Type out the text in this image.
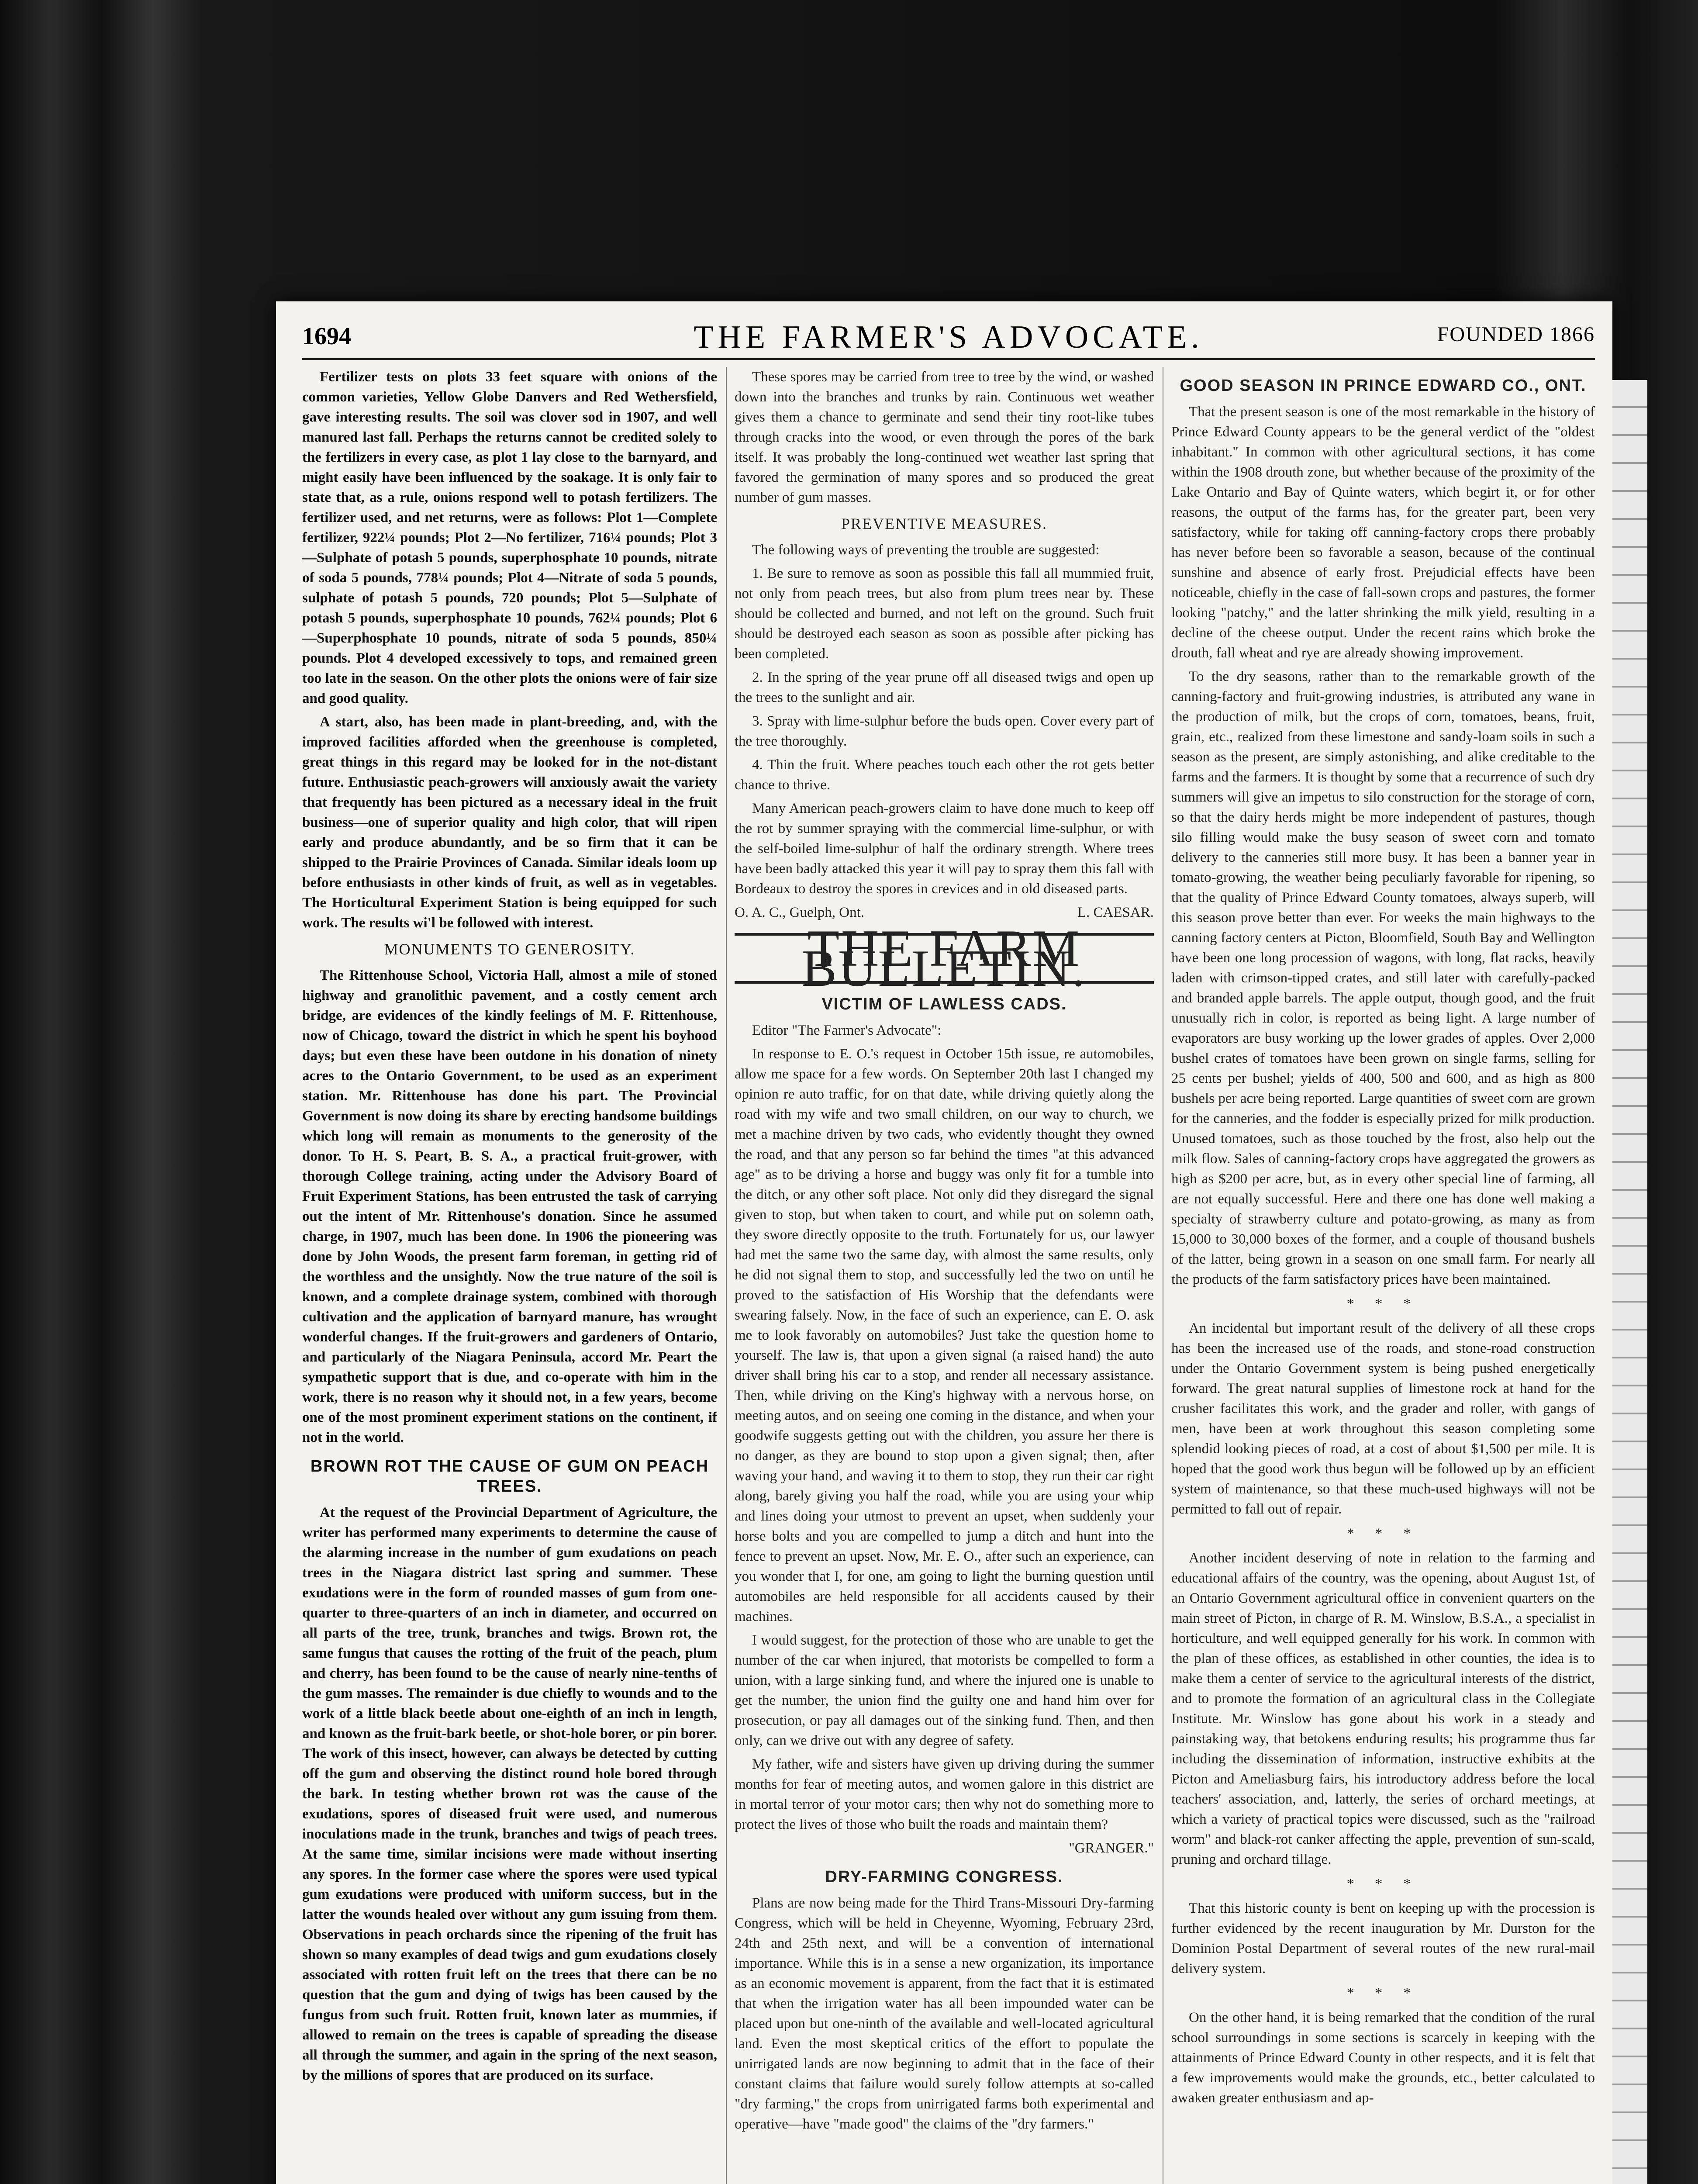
1694	THE FARMER'S ADVOCATE.	FOUNDED 1866

Fertilizer tests on plots 33 feet square with onions of the common varieties, Yellow Globe Danvers and Red Wethersfield, gave interesting results. The soil was clover sod in 1907, and well manured last fall. Perhaps the returns cannot be credited solely to the fertilizers in every case, as plot 1 lay close to the barnyard, and might easily have been influenced by the soakage. It is only fair to state that, as a rule, onions respond well to potash fertilizers. The fertilizer used, and net returns, were as follows: Plot 1—Complete fertilizer, 922¼ pounds; Plot 2—No fertilizer, 716¼ pounds; Plot 3—Sulphate of potash 5 pounds, superphosphate 10 pounds, nitrate of soda 5 pounds, 778¼ pounds; Plot 4—Nitrate of soda 5 pounds, sulphate of potash 5 pounds, 720 pounds; Plot 5—Sulphate of potash 5 pounds, superphosphate 10 pounds, 762¼ pounds; Plot 6—Superphosphate 10 pounds, nitrate of soda 5 pounds, 850¼ pounds. Plot 4 developed excessively to tops, and remained green too late in the season. On the other plots the onions were of fair size and good quality.

A start, also, has been made in plant-breeding, and, with the improved facilities afforded when the greenhouse is completed, great things in this regard may be looked for in the not-distant future. Enthusiastic peach-growers will anxiously await the variety that frequently has been pictured as a necessary ideal in the fruit business—one of superior quality and high color, that will ripen early and produce abundantly, and be so firm that it can be shipped to the Prairie Provinces of Canada. Similar ideals loom up before enthusiasts in other kinds of fruit, as well as in vegetables. The Horticultural Experiment Station is being equipped for such work. The results wi'l be followed with interest.

MONUMENTS TO GENEROSITY.

The Rittenhouse School, Victoria Hall, almost a mile of stoned highway and granolithic pavement, and a costly cement arch bridge, are evidences of the kindly feelings of M. F. Rittenhouse, now of Chicago, toward the district in which he spent his boyhood days; but even these have been outdone in his donation of ninety acres to the Ontario Government, to be used as an experiment station. Mr. Rittenhouse has done his part. The Provincial Government is now doing its share by erecting handsome buildings which long will remain as monuments to the generosity of the donor. To H. S. Peart, B. S. A., a practical fruit-grower, with thorough College training, acting under the Advisory Board of Fruit Experiment Stations, has been entrusted the task of carrying out the intent of Mr. Rittenhouse's donation. Since he assumed charge, in 1907, much has been done. In 1906 the pioneering was done by John Woods, the present farm foreman, in getting rid of the worthless and the unsightly. Now the true nature of the soil is known, and a complete drainage system, combined with thorough cultivation and the application of barnyard manure, has wrought wonderful changes. If the fruit-growers and gardeners of Ontario, and particularly of the Niagara Peninsula, accord Mr. Peart the sympathetic support that is due, and co-operate with him in the work, there is no reason why it should not, in a few years, become one of the most prominent experiment stations on the continent, if not in the world.

BROWN ROT THE CAUSE OF GUM ON PEACH TREES.

At the request of the Provincial Department of Agriculture, the writer has performed many experiments to determine the cause of the alarming increase in the number of gum exudations on peach trees in the Niagara district last spring and summer. These exudations were in the form of rounded masses of gum from one-quarter to three-quarters of an inch in diameter, and occurred on all parts of the tree, trunk, branches and twigs. Brown rot, the same fungus that causes the rotting of the fruit of the peach, plum and cherry, has been found to be the cause of nearly nine-tenths of the gum masses. The remainder is due chiefly to wounds and to the work of a little black beetle about one-eighth of an inch in length, and known as the fruit-bark beetle, or shot-hole borer, or pin borer. The work of this insect, however, can always be detected by cutting off the gum and observing the distinct round hole bored through the bark. In testing whether brown rot was the cause of the exudations, spores of diseased fruit were used, and numerous inoculations made in the trunk, branches and twigs of peach trees. At the same time, similar incisions were made without inserting any spores. In the former case where the spores were used typical gum exudations were produced with uniform success, but in the latter the wounds healed over without any gum issuing from them. Observations in peach orchards since the ripening of the fruit has shown so many examples of dead twigs and gum exudations closely associated with rotten fruit left on the trees that there can be no question that the gum and dying of twigs has been caused by the fungus from such fruit. Rotten fruit, known later as mummies, if allowed to remain on the trees is capable of spreading the disease all through the summer, and again in the spring of the next season, by the millions of spores that are produced on its surface.

These spores may be carried from tree to tree by the wind, or washed down into the branches and trunks by rain. Continuous wet weather gives them a chance to germinate and send their tiny root-like tubes through cracks into the wood, or even through the pores of the bark itself. It was probably the long-continued wet weather last spring that favored the germination of many spores and so produced the great number of gum masses.

PREVENTIVE MEASURES.

The following ways of preventing the trouble are suggested:

1. Be sure to remove as soon as possible this fall all mummied fruit, not only from peach trees, but also from plum trees near by. These should be collected and burned, and not left on the ground. Such fruit should be destroyed each season as soon as possible after picking has been completed.

2. In the spring of the year prune off all diseased twigs and open up the trees to the sunlight and air.

3. Spray with lime-sulphur before the buds open. Cover every part of the tree thoroughly.

4. Thin the fruit. Where peaches touch each other the rot gets better chance to thrive.

Many American peach-growers claim to have done much to keep off the rot by summer spraying with the commercial lime-sulphur, or with the self-boiled lime-sulphur of half the ordinary strength. Where trees have been badly attacked this year it will pay to spray them this fall with Bordeaux to destroy the spores in crevices and in old diseased parts.

O. A. C., Guelph, Ont.	L. CAESAR.
THE FARM BULLETIN.
VICTIM OF LAWLESS CADS.

Editor "The Farmer's Advocate":

In response to E. O.'s request in October 15th issue, re automobiles, allow me space for a few words. On September 20th last I changed my opinion re auto traffic, for on that date, while driving quietly along the road with my wife and two small children, on our way to church, we met a machine driven by two cads, who evidently thought they owned the road, and that any person so far behind the times "at this advanced age" as to be driving a horse and buggy was only fit for a tumble into the ditch, or any other soft place. Not only did they disregard the signal given to stop, but when taken to court, and while put on solemn oath, they swore directly opposite to the truth. Fortunately for us, our lawyer had met the same two the same day, with almost the same results, only he did not signal them to stop, and successfully led the two on until he proved to the satisfaction of His Worship that the defendants were swearing falsely. Now, in the face of such an experience, can E. O. ask me to look favorably on automobiles? Just take the question home to yourself. The law is, that upon a given signal (a raised hand) the auto driver shall bring his car to a stop, and render all necessary assistance. Then, while driving on the King's highway with a nervous horse, on meeting autos, and on seeing one coming in the distance, and when your goodwife suggests getting out with the children, you assure her there is no danger, as they are bound to stop upon a given signal; then, after waving your hand, and waving it to them to stop, they run their car right along, barely giving you half the road, while you are using your whip and lines doing your utmost to prevent an upset, when suddenly your horse bolts and you are compelled to jump a ditch and hunt into the fence to prevent an upset. Now, Mr. E. O., after such an experience, can you wonder that I, for one, am going to light the burning question until automobiles are held responsible for all accidents caused by their machines.

I would suggest, for the protection of those who are unable to get the number of the car when injured, that motorists be compelled to form a union, with a large sinking fund, and where the injured one is unable to get the number, the union find the guilty one and hand him over for prosecution, or pay all damages out of the sinking fund. Then, and then only, can we drive out with any degree of safety.

My father, wife and sisters have given up driving during the summer months for fear of meeting autos, and women galore in this district are in mortal terror of your motor cars; then why not do something more to protect the lives of those who built the roads and maintain them?

"GRANGER."
DRY-FARMING CONGRESS.

Plans are now being made for the Third Trans-Missouri Dry-farming Congress, which will be held in Cheyenne, Wyoming, February 23rd, 24th and 25th next, and will be a convention of international importance. While this is in a sense a new organization, its importance as an economic movement is apparent, from the fact that it is estimated that when the irrigation water has all been impounded water can be placed upon but one-ninth of the available and well-located agricultural land. Even the most skeptical critics of the effort to populate the unirrigated lands are now beginning to admit that in the face of their constant claims that failure would surely follow attempts at so-called "dry farming," the crops from unirrigated farms both experimental and operative—have "made good" the claims of the "dry farmers."

GOOD SEASON IN PRINCE EDWARD CO., ONT.

That the present season is one of the most remarkable in the history of Prince Edward County appears to be the general verdict of the "oldest inhabitant." In common with other agricultural sections, it has come within the 1908 drouth zone, but whether because of the proximity of the Lake Ontario and Bay of Quinte waters, which begirt it, or for other reasons, the output of the farms has, for the greater part, been very satisfactory, while for taking off canning-factory crops there probably has never before been so favorable a season, because of the continual sunshine and absence of early frost. Prejudicial effects have been noticeable, chiefly in the case of fall-sown crops and pastures, the former looking "patchy," and the latter shrinking the milk yield, resulting in a decline of the cheese output. Under the recent rains which broke the drouth, fall wheat and rye are already showing improvement.

To the dry seasons, rather than to the remarkable growth of the canning-factory and fruit-growing industries, is attributed any wane in the production of milk, but the crops of corn, tomatoes, beans, fruit, grain, etc., realized from these limestone and sandy-loam soils in such a season as the present, are simply astonishing, and alike creditable to the farms and the farmers. It is thought by some that a recurrence of such dry summers will give an impetus to silo construction for the storage of corn, so that the dairy herds might be more independent of pastures, though silo filling would make the busy season of sweet corn and tomato delivery to the canneries still more busy. It has been a banner year in tomato-growing, the weather being peculiarly favorable for ripening, so that the quality of Prince Edward County tomatoes, always superb, will this season prove better than ever. For weeks the main highways to the canning factory centers at Picton, Bloomfield, South Bay and Wellington have been one long procession of wagons, with long, flat racks, heavily laden with crimson-tipped crates, and still later with carefully-packed and branded apple barrels. The apple output, though good, and the fruit unusually rich in color, is reported as being light. A large number of evaporators are busy working up the lower grades of apples. Over 2,000 bushel crates of tomatoes have been grown on single farms, selling for 25 cents per bushel; yields of 400, 500 and 600, and as high as 800 bushels per acre being reported. Large quantities of sweet corn are grown for the canneries, and the fodder is especially prized for milk production. Unused tomatoes, such as those touched by the frost, also help out the milk flow. Sales of canning-factory crops have aggregated the growers as high as $200 per acre, but, as in every other special line of farming, all are not equally successful. Here and there one has done well making a specialty of strawberry culture and potato-growing, as many as from 15,000 to 30,000 boxes of the former, and a couple of thousand bushels of the latter, being grown in a season on one small farm. For nearly all the products of the farm satisfactory prices have been maintained.

* * *

An incidental but important result of the delivery of all these crops has been the increased use of the roads, and stone-road construction under the Ontario Government system is being pushed energetically forward. The great natural supplies of limestone rock at hand for the crusher facilitates this work, and the grader and roller, with gangs of men, have been at work throughout this season completing some splendid looking pieces of road, at a cost of about $1,500 per mile. It is hoped that the good work thus begun will be followed up by an efficient system of maintenance, so that these much-used highways will not be permitted to fall out of repair.

* * *

Another incident deserving of note in relation to the farming and educational affairs of the country, was the opening, about August 1st, of an Ontario Government agricultural office in convenient quarters on the main street of Picton, in charge of R. M. Winslow, B.S.A., a specialist in horticulture, and well equipped generally for his work. In common with the plan of these offices, as established in other counties, the idea is to make them a center of service to the agricultural interests of the district, and to promote the formation of an agricultural class in the Collegiate Institute. Mr. Winslow has gone about his work in a steady and painstaking way, that betokens enduring results; his programme thus far including the dissemination of information, instructive exhibits at the Picton and Ameliasburg fairs, his introductory address before the local teachers' association, and, latterly, the series of orchard meetings, at which a variety of practical topics were discussed, such as the "railroad worm" and black-rot canker affecting the apple, prevention of sun-scald, pruning and orchard tillage.

* * *

That this historic county is bent on keeping up with the procession is further evidenced by the recent inauguration by Mr. Durston for the Dominion Postal Department of several routes of the new rural-mail delivery system.

* * *

On the other hand, it is being remarked that the condition of the rural school surroundings in some sections is scarcely in keeping with the attainments of Prince Edward County in other respects, and it is felt that a few improvements would make the grounds, etc., better calculated to awaken greater enthusiasm and ap-
